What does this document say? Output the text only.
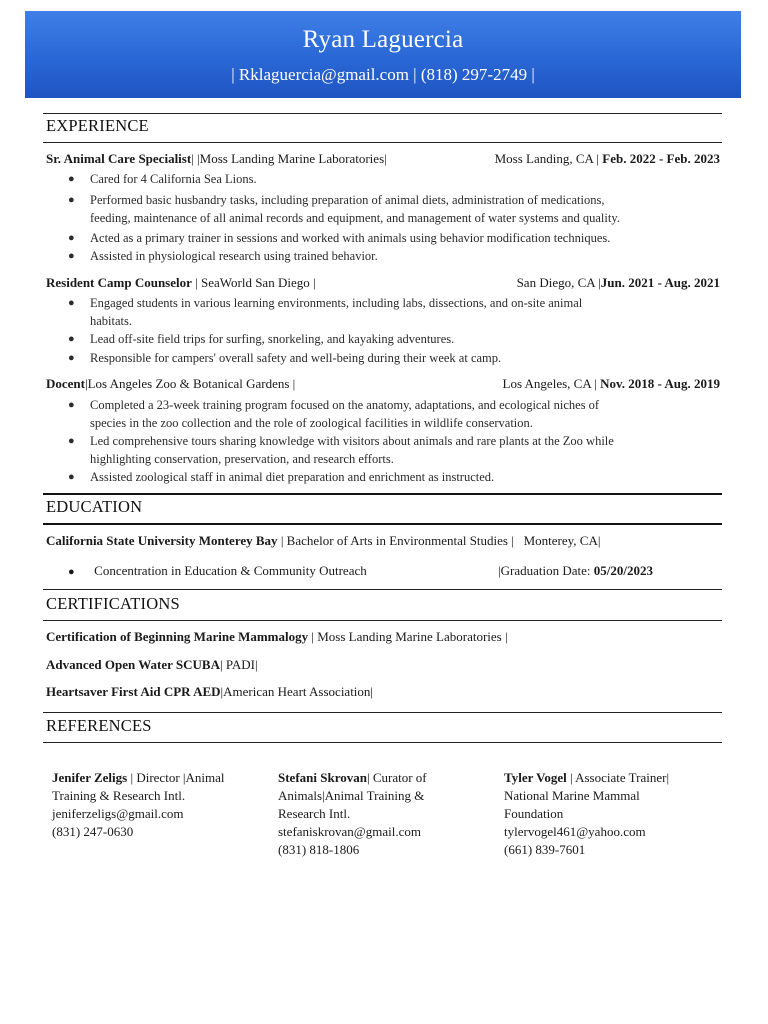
Ryan Laguercia
| Rklaguercia@gmail.com | (818) 297-2749 |
EXPERIENCE
Sr. Animal Care Specialist| |Moss Landing Marine Laboratories|	Moss Landing, CA | Feb. 2022 - Feb. 2023
● Cared for 4 California Sea Lions.
● Performed basic husbandry tasks, including preparation of animal diets, administration of medications,
feeding, maintenance of all animal records and equipment, and management of water systems and quality.
● Acted as a primary trainer in sessions and worked with animals using behavior modification techniques.
● Assisted in physiological research using trained behavior.
Resident Camp Counselor | SeaWorld San Diego |	San Diego, CA |Jun. 2021 - Aug. 2021
● Engaged students in various learning environments, including labs, dissections, and on-site animal
habitats.
● Lead off-site field trips for surfing, snorkeling, and kayaking adventures.
● Responsible for campers' overall safety and well-being during their week at camp.
Docent|Los Angeles Zoo & Botanical Gardens |	Los Angeles, CA | Nov. 2018 - Aug. 2019
● Completed a 23-week training program focused on the anatomy, adaptations, and ecological niches of
species in the zoo collection and the role of zoological facilities in wildlife conservation.
● Led comprehensive tours sharing knowledge with visitors about animals and rare plants at the Zoo while
highlighting conservation, preservation, and research efforts.
● Assisted zoological staff in animal diet preparation and enrichment as instructed.
EDUCATION
California State University Monterey Bay | Bachelor of Arts in Environmental Studies | Monterey, CA|
● Concentration in Education & Community Outreach	|Graduation Date: 05/20/2023
CERTIFICATIONS
Certification of Beginning Marine Mammalogy | Moss Landing Marine Laboratories |
Advanced Open Water SCUBA| PADI|
Heartsaver First Aid CPR AED|American Heart Association|
REFERENCES
Jenifer Zeligs | Director |Animal
Training & Research Intl.
jeniferzeligs@gmail.com
(831) 247-0630
Stefani Skrovan| Curator of
Animals|Animal Training &
Research Intl.
stefaniskrovan@gmail.com
(831) 818-1806
Tyler Vogel | Associate Trainer|
National Marine Mammal
Foundation
tylervogel461@yahoo.com
(661) 839-7601
